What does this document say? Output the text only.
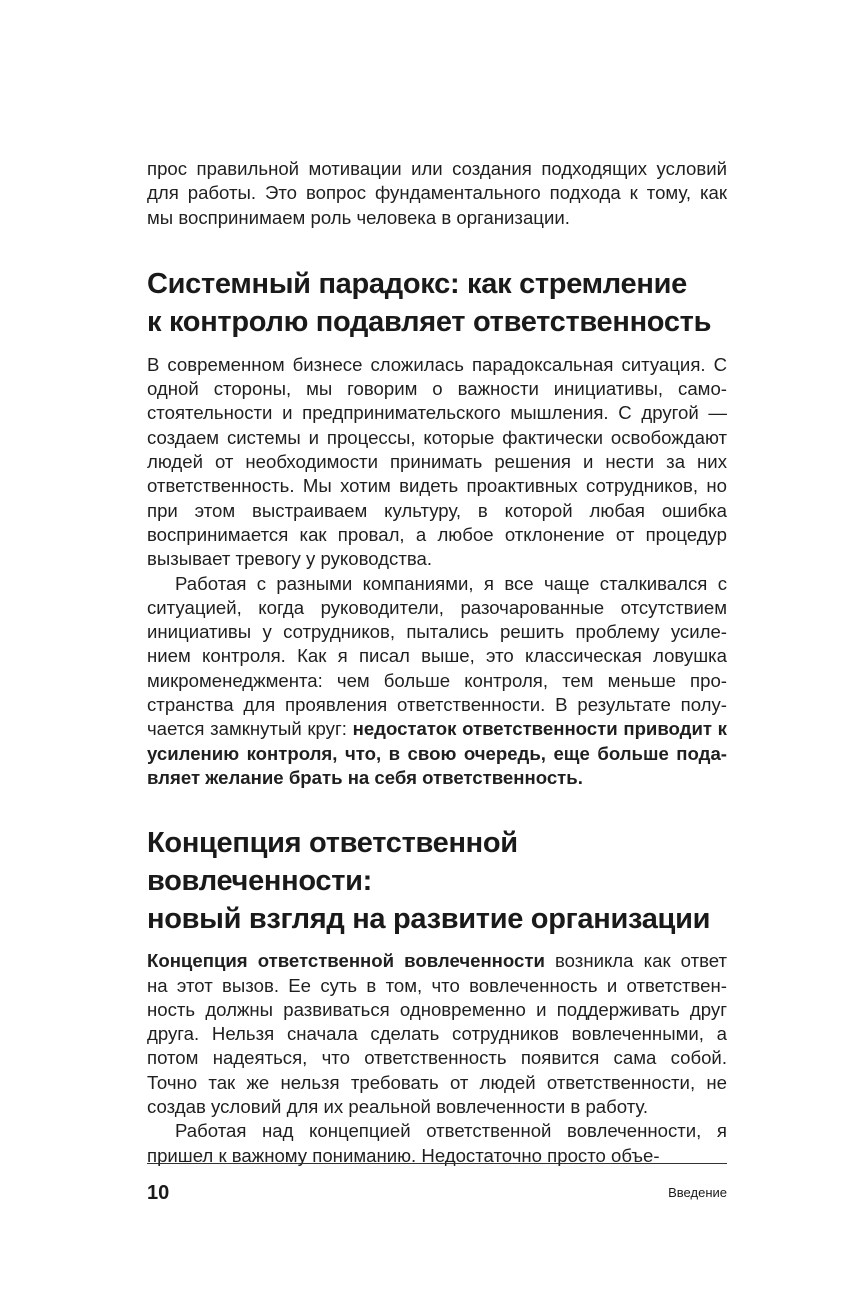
прос правильной мотивации или создания подходящих условий для работы. Это вопрос фундаментального подхода к тому, как мы воспринимаем роль человека в организации.

Системный парадокс: как стремление
к контролю подавляет ответственность

В современном бизнесе сложилась парадоксальная ситуация. С одной стороны, мы говорим о важности инициативы, самостоятельности и предпринимательского мышления. С другой — создаем системы и процессы, которые фактически освобождают людей от необходимости принимать решения и нести за них ответственность. Мы хотим видеть проактивных сотрудников, но при этом выстраиваем культуру, в которой любая ошибка воспринимается как провал, а любое отклонение от процедур вызывает тревогу у руководства.

Работая с разными компаниями, я все чаще сталкивался с ситуацией, когда руководители, разочарованные отсутствием инициативы у сотрудников, пытались решить проблему усилением контроля. Как я писал выше, это классическая ловушка микроменеджмента: чем больше контроля, тем меньше пространства для проявления ответственности. В результате получается замкнутый круг: недостаток ответственности приводит к усилению контроля, что, в свою очередь, еще больше подавляет желание брать на себя ответственность.

Концепция ответственной вовлеченности:
новый взгляд на развитие организации

Концепция ответственной вовлеченности возникла как ответ на этот вызов. Ее суть в том, что вовлеченность и ответственность должны развиваться одновременно и поддерживать друг друга. Нельзя сначала сделать сотрудников вовлеченными, а потом надеяться, что ответственность появится сама собой. Точно так же нельзя требовать от людей ответственности, не создав условий для их реальной вовлеченности в работу.

Работая над концепцией ответственной вовлеченности, я пришел к важному пониманию. Недостаточно просто объе-

10	Введение
